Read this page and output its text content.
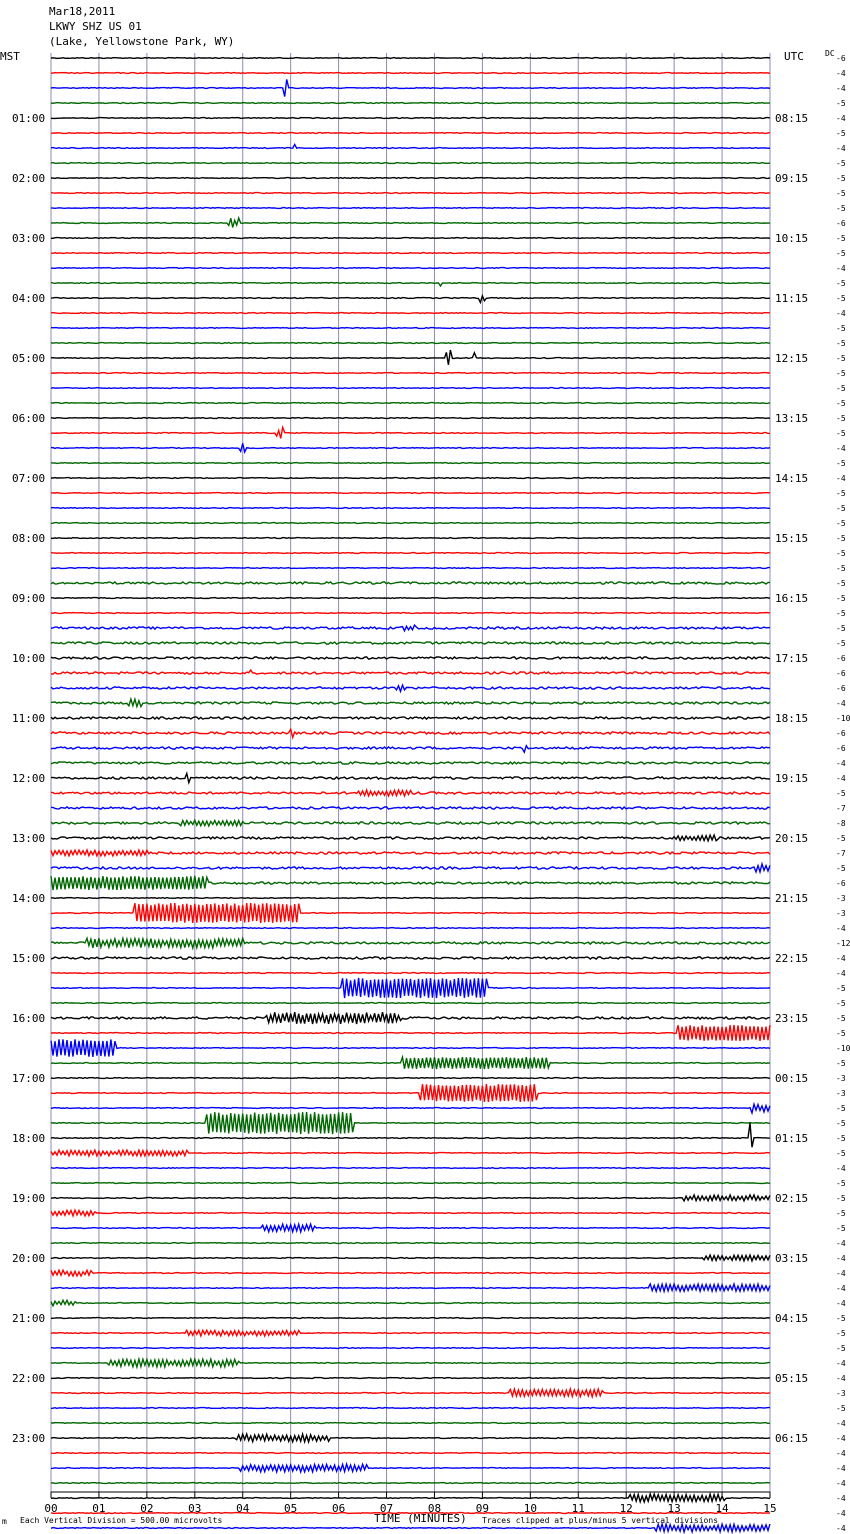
Mar18,2011
LKWY SHZ US 01
(Lake, Yellowstone Park, WY)
MST	UTC	DC
TIME (MINUTES)
m Each Vertical Division = 500.00 microvolts	Traces clipped at plus/minus 5 vertical divisions
00	01	02	03	04	05	06	07	08	09	10	11	12	13	14	15
-6
-4
-4
-5
-4
-5
-4
-5
-5
-5
-5
-6
-5
-5
-4
-5
-5
-4
-5
-5
-5
-5
-5
-5
-5
-5
-4
-5
-4
-5
-5
-5
-5
-5
-5
-5
-5
-5
-5
-5
-6
-6
-6
-4
-10
-6
-6
-4
-4
-5
-7
-8
-5
-7
-5
-6
-3
-3
-4
-12
-4
-4
-5
-5
-5
-5
-10
-5
-3
-3
-5
-5
-5
-5
-4
-5
-5
-5
-5
-4
-4
-4
-4
-4
-5
-5
-5
-4
-4
-3
-5
-4
-4
-4
-4
-4
-4
-4
-4
01:00	08:15
02:00	09:15
03:00	10:15
04:00	11:15
05:00	12:15
06:00	13:15
07:00	14:15
08:00	15:15
09:00	16:15
10:00	17:15
11:00	18:15
12:00	19:15
13:00	20:15
14:00	21:15
15:00	22:15
16:00	23:15
17:00	00:15
18:00	01:15
19:00	02:15
20:00	03:15
21:00	04:15
22:00	05:15
23:00	06:15
